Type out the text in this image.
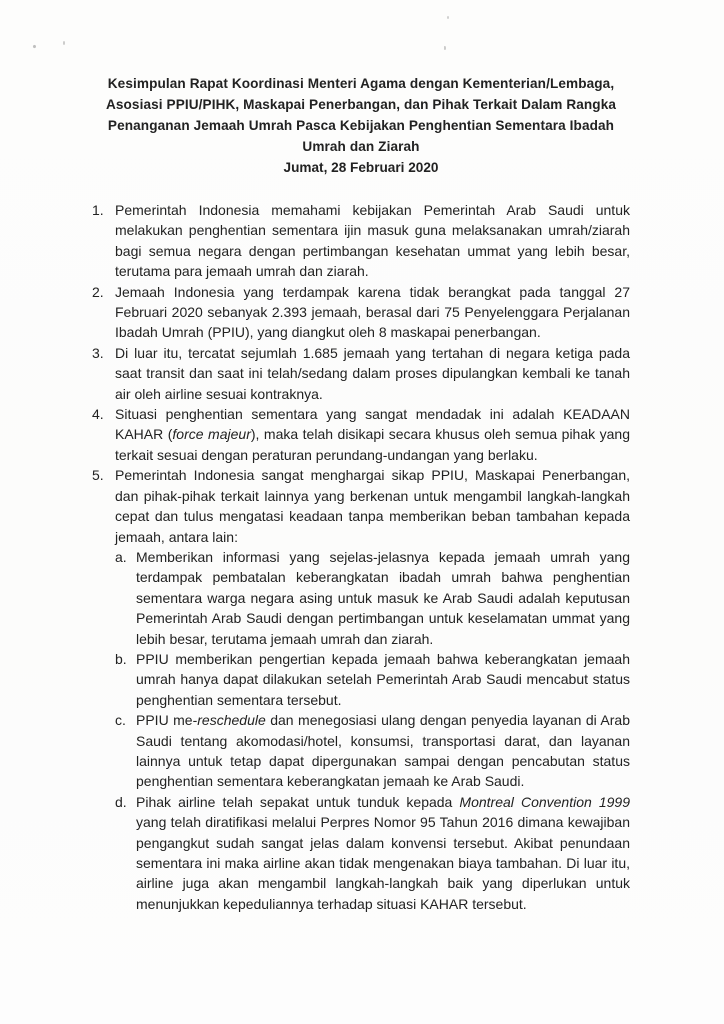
Kesimpulan Rapat Koordinasi Menteri Agama dengan Kementerian/Lembaga, Asosiasi PPIU/PIHK, Maskapai Penerbangan, dan Pihak Terkait Dalam Rangka Penanganan Jemaah Umrah Pasca Kebijakan Penghentian Sementara Ibadah Umrah dan Ziarah
Jumat, 28 Februari 2020
1. Pemerintah Indonesia memahami kebijakan Pemerintah Arab Saudi untuk melakukan penghentian sementara ijin masuk guna melaksanakan umrah/ziarah bagi semua negara dengan pertimbangan kesehatan ummat yang lebih besar, terutama para jemaah umrah dan ziarah.
2. Jemaah Indonesia yang terdampak karena tidak berangkat pada tanggal 27 Februari 2020 sebanyak 2.393 jemaah, berasal dari 75 Penyelenggara Perjalanan Ibadah Umrah (PPIU), yang diangkut oleh 8 maskapai penerbangan.
3. Di luar itu, tercatat sejumlah 1.685 jemaah yang tertahan di negara ketiga pada saat transit dan saat ini telah/sedang dalam proses dipulangkan kembali ke tanah air oleh airline sesuai kontraknya.
4. Situasi penghentian sementara yang sangat mendadak ini adalah KEADAAN KAHAR (force majeur), maka telah disikapi secara khusus oleh semua pihak yang terkait sesuai dengan peraturan perundang-undangan yang berlaku.
5. Pemerintah Indonesia sangat menghargai sikap PPIU, Maskapai Penerbangan, dan pihak-pihak terkait lainnya yang berkenan untuk mengambil langkah-langkah cepat dan tulus mengatasi keadaan tanpa memberikan beban tambahan kepada jemaah, antara lain:
a. Memberikan informasi yang sejelas-jelasnya kepada jemaah umrah yang terdampak pembatalan keberangkatan ibadah umrah bahwa penghentian sementara warga negara asing untuk masuk ke Arab Saudi adalah keputusan Pemerintah Arab Saudi dengan pertimbangan untuk keselamatan ummat yang lebih besar, terutama jemaah umrah dan ziarah.
b. PPIU memberikan pengertian kepada jemaah bahwa keberangkatan jemaah umrah hanya dapat dilakukan setelah Pemerintah Arab Saudi mencabut status penghentian sementara tersebut.
c. PPIU me-reschedule dan menegosiasi ulang dengan penyedia layanan di Arab Saudi tentang akomodasi/hotel, konsumsi, transportasi darat, dan layanan lainnya untuk tetap dapat dipergunakan sampai dengan pencabutan status penghentian sementara keberangkatan jemaah ke Arab Saudi.
d. Pihak airline telah sepakat untuk tunduk kepada Montreal Convention 1999 yang telah diratifikasi melalui Perpres Nomor 95 Tahun 2016 dimana kewajiban pengangkut sudah sangat jelas dalam konvensi tersebut. Akibat penundaan sementara ini maka airline akan tidak mengenakan biaya tambahan. Di luar itu, airline juga akan mengambil langkah-langkah baik yang diperlukan untuk menunjukkan kepeduliannya terhadap situasi KAHAR tersebut.
